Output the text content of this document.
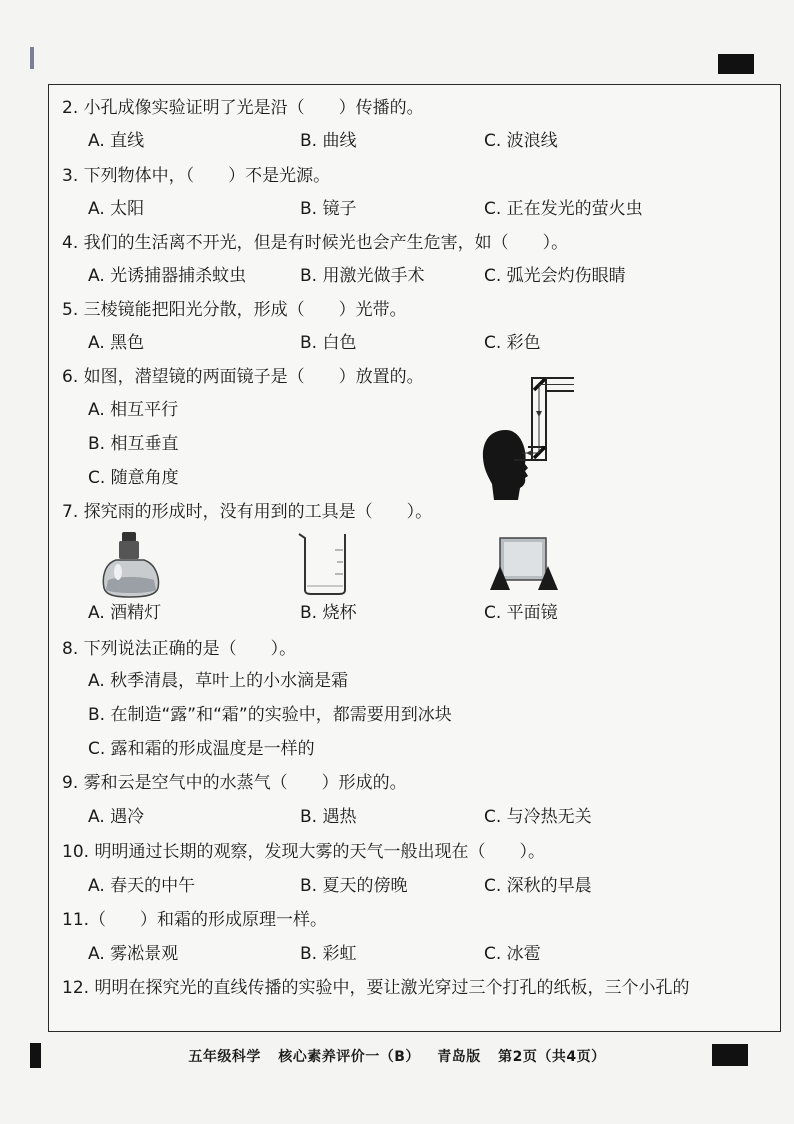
2. 小孔成像实验证明了光是沿（　　）传播的。
A. 直线	B. 曲线	C. 波浪线
3. 下列物体中，（　　）不是光源。
A. 太阳	B. 镜子	C. 正在发光的萤火虫
4. 我们的生活离不开光，但是有时候光也会产生危害，如（　　）。
A. 光诱捕器捕杀蚊虫	B. 用激光做手术	C. 弧光会灼伤眼睛
5. 三棱镜能把阳光分散，形成（　　）光带。
A. 黑色	B. 白色	C. 彩色
6. 如图，潜望镜的两面镜子是（　　）放置的。
A. 相互平行
B. 相互垂直
C. 随意角度
7. 探究雨的形成时，没有用到的工具是（　　）。
A. 酒精灯	B. 烧杯	C. 平面镜
8. 下列说法正确的是（　　）。
A. 秋季清晨，草叶上的小水滴是霜
B. 在制造“露”和“霜”的实验中，都需要用到冰块
C. 露和霜的形成温度是一样的
9. 雾和云是空气中的水蒸气（　　）形成的。
A. 遇冷	B. 遇热	C. 与冷热无关
10. 明明通过长期的观察，发现大雾的天气一般出现在（　　）。
A. 春天的中午	B. 夏天的傍晚	C. 深秋的早晨
11.（　　）和霜的形成原理一样。
A. 雾凇景观	B. 彩虹	C. 冰雹
12. 明明在探究光的直线传播的实验中，要让激光穿过三个打孔的纸板，三个小孔的
五年级科学 核心素养评价一（B） 青岛版 第2页（共4页）
